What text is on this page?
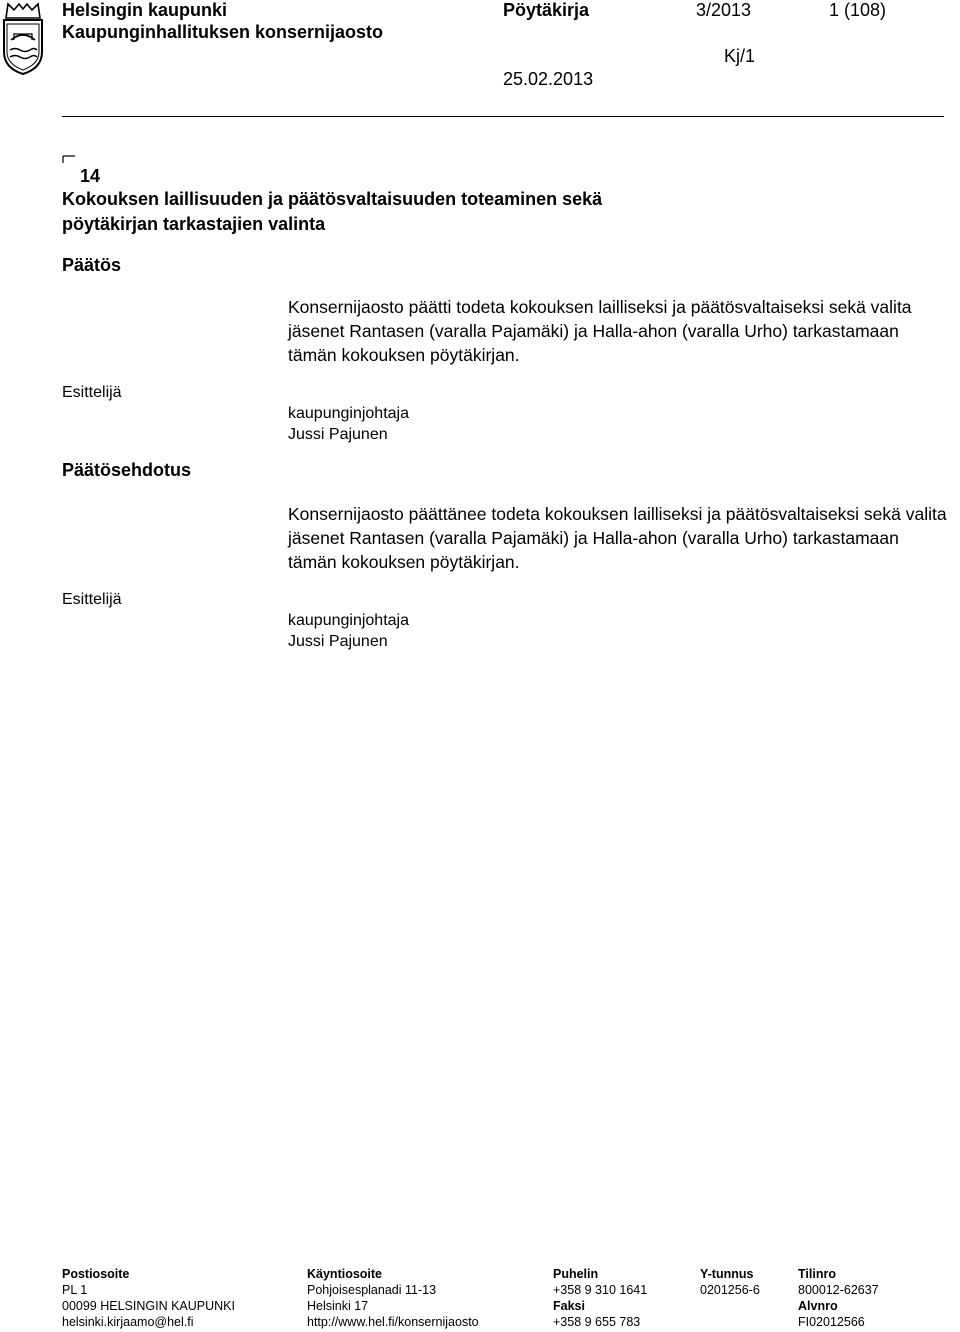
Helsingin kaupunki
Kaupunginhallituksen konsernijaosto
Pöytäkirja	3/2013	1 (108)
Kj/1
25.02.2013
14
Kokouksen laillisuuden ja päätösvaltaisuuden toteaminen sekä
pöytäkirjan tarkastajien valinta
Päätös
Konsernijaosto päätti todeta kokouksen lailliseksi ja päätösvaltaiseksi sekä valita jäsenet Rantasen (varalla Pajamäki) ja Halla-ahon (varalla Urho) tarkastamaan tämän kokouksen pöytäkirjan.
Esittelijä
kaupunginjohtaja
Jussi Pajunen
Päätösehdotus
Konsernijaosto päättänee todeta kokouksen lailliseksi ja päätösvaltaiseksi sekä valita jäsenet Rantasen (varalla Pajamäki) ja Halla-ahon (varalla Urho) tarkastamaan tämän kokouksen pöytäkirjan.
Esittelijä
kaupunginjohtaja
Jussi Pajunen
Postiosoite
PL 1
00099 HELSINGIN KAUPUNKI
helsinki.kirjaamo@hel.fi
Käyntiosoite
Pohjoisesplanadi 11-13
Helsinki 17
http://www.hel.fi/konsernijaosto
Puhelin
+358 9 310 1641
Faksi
+358 9 655 783
Y-tunnus
0201256-6
Tilinro
800012-62637
Alvnro
FI02012566
